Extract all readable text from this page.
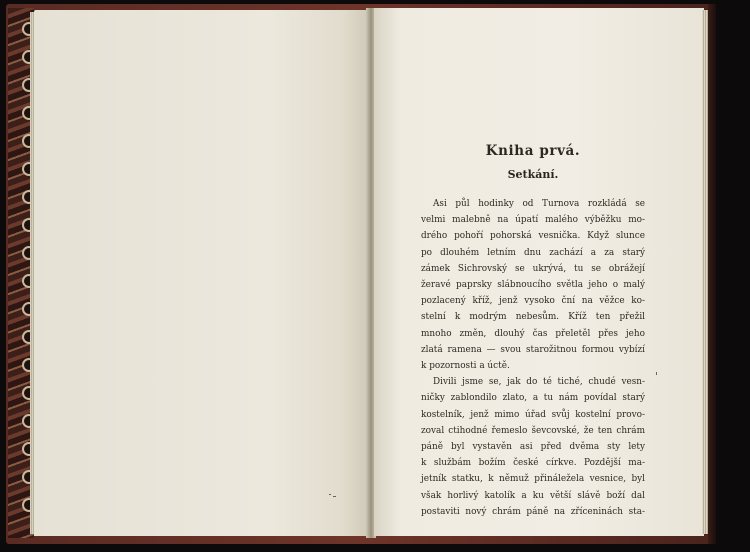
Kniha prvá.
Setkání.
Asi půl hodinky od Turnova rozkládá se
velmi malebně na úpatí malého výběžku mo-
drého pohoří pohorská vesnička. Když slunce
po dlouhém letním dnu zachází a za starý
zámek Sichrovský se ukrývá, tu se obrážejí
žeravé paprsky slábnoucího světla jeho o malý
pozlacený kříž, jenž vysoko ční na věžce ko-
stelní k modrým nebesům. Kříž ten přežil
mnoho změn, dlouhý čas přeletěl přes jeho
zlatá ramena — svou starožitnou formou vybízí
k pozornosti a úctě.
Divili jsme se, jak do té tiché, chudé vesn-
ničky zablondilo zlato, a tu nám povídal starý
kostelník, jenž mimo úřad svůj kostelní provo-
zoval ctihodné řemeslo ševcovské, že ten chrám
páně byl vystavěn asi před dvěma sty lety
k službám božím české církve. Pozdější ma-
jetník statku, k němuž přináležela vesnice, byl
však horlivý katolík a ku větší slávě boží dal
postaviti nový chrám páně na zříceninách sta-
